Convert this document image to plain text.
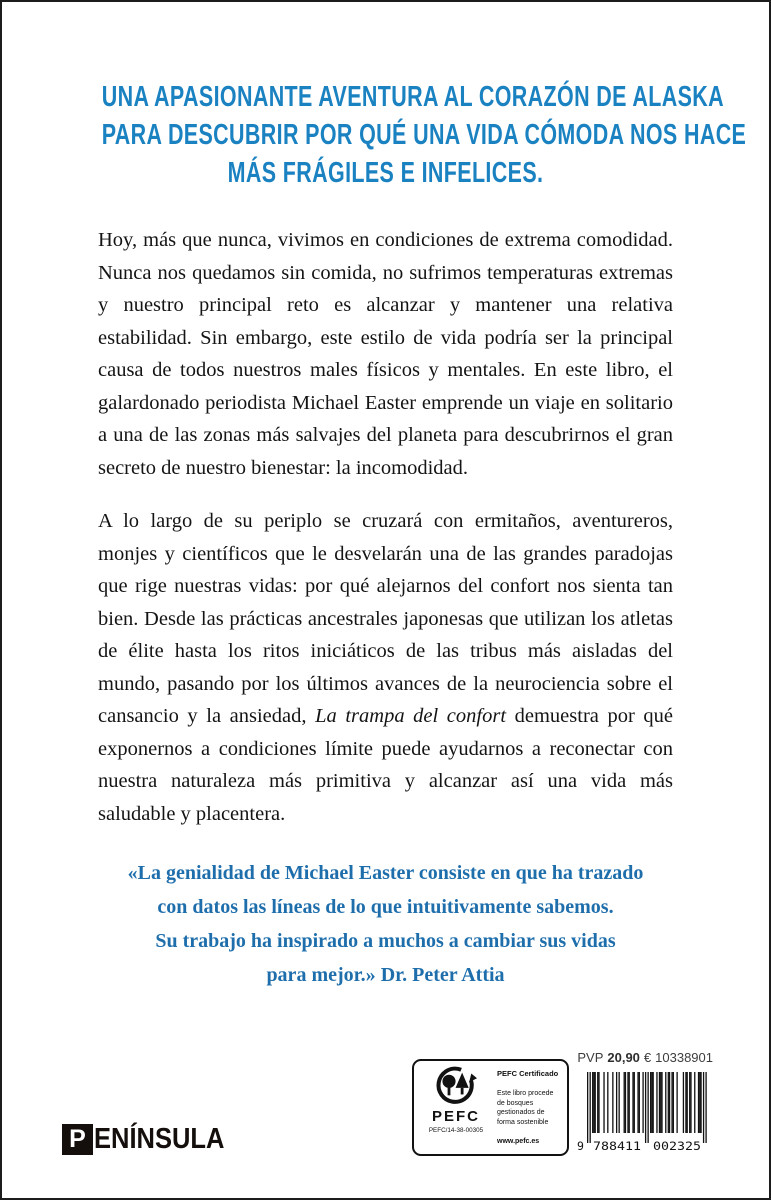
UNA APASIONANTE AVENTURA AL CORAZÓN DE ALASKA
PARA DESCUBRIR POR QUÉ UNA VIDA CÓMODA NOS HACE
MÁS FRÁGILES E INFELICES.

Hoy, más que nunca, vivimos en condiciones de extrema comodidad. Nunca nos quedamos sin comida, no sufrimos temperaturas extremas y nuestro principal reto es alcanzar y mantener una relativa estabilidad. Sin embargo, este estilo de vida podría ser la principal causa de todos nuestros males físicos y mentales. En este libro, el galardonado periodista Michael Easter emprende un viaje en solitario a una de las zonas más salvajes del planeta para descubrirnos el gran secreto de nuestro bienestar: la incomodidad.

A lo largo de su periplo se cruzará con ermitaños, aventureros, monjes y científicos que le desvelarán una de las grandes paradojas que rige nuestras vidas: por qué alejarnos del confort nos sienta tan bien. Desde las prácticas ancestrales japonesas que utilizan los atletas de élite hasta los ritos iniciáticos de las tribus más aisladas del mundo, pasando por los últimos avances de la neurociencia sobre el cansancio y la ansiedad, La trampa del confort demuestra por qué exponernos a condiciones límite puede ayudarnos a reconectar con nuestra naturaleza más primitiva y alcanzar así una vida más saludable y placentera.

«La genialidad de Michael Easter consiste en que ha trazado
con datos las líneas de lo que intuitivamente sabemos.
Su trabajo ha inspirado a muchos a cambiar sus vidas
para mejor.» Dr. Peter Attia
P ENÍNSULA
PEFC
PEFC/14-38-00305
PEFC Certificado
Este libro procede de bosques gestionados de forma sostenible
www.pefc.es
PVP 20,90 € 10338901
9 788411 002325
